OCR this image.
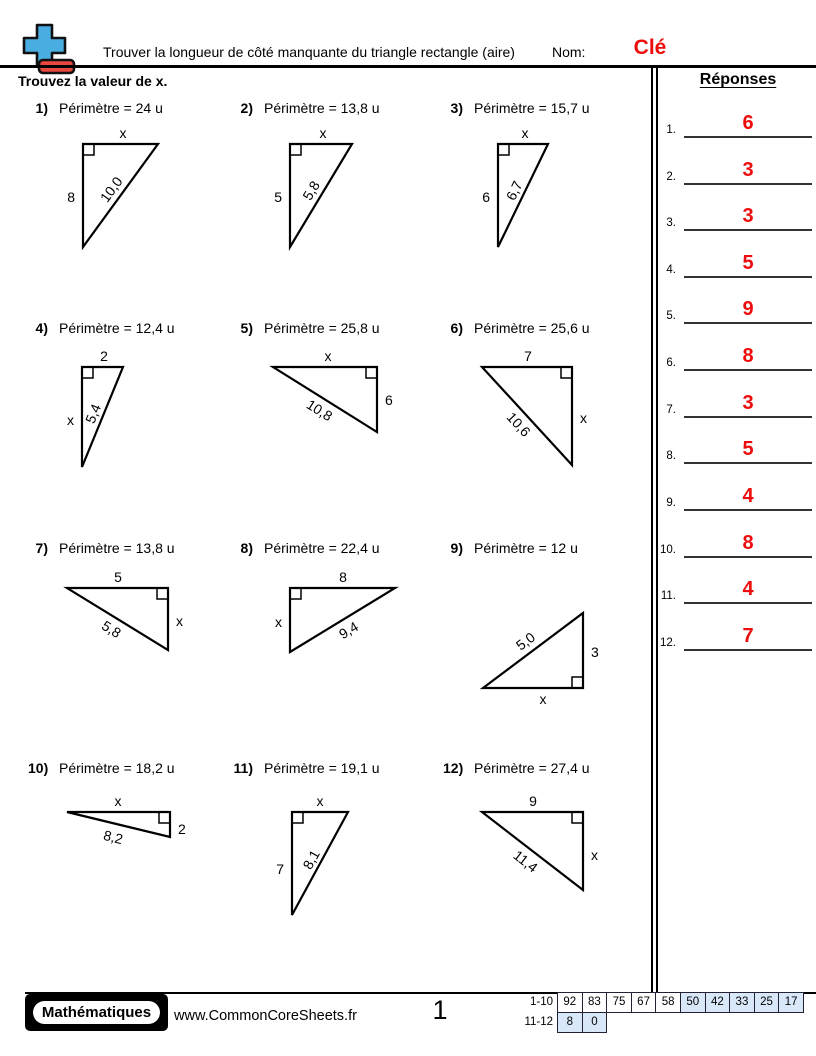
Trouver la longueur de côté manquante du triangle rectangle (aire)	Nom:	Clé
Trouvez la valeur de x.	Réponses
1.	6
2.	3
3.	3
4.	5
5.	9
6.	8
7.	3
8.	5
9.	4
10.	8
11.	4
12.	7
1) Périmètre = 24 u
x
8 10,0
2) Périmètre = 13,8 u
x
5 5,8
3) Périmètre = 15,7 u
x
6 6,7
4) Périmètre = 12,4 u
2
x 5,4
5) Périmètre = 25,8 u
x
6
10,8
6) Périmètre = 25,6 u
7
x
10,6
7) Périmètre = 13,8 u
5
x
5,8
8) Périmètre = 22,4 u
8
x	9,4
9) Périmètre = 12 u
x
3
5,0
10) Périmètre = 18,2 u
x
2
8,2
11) Périmètre = 19,1 u
x
7 8,1
12) Périmètre = 27,4 u
9
x
11,4
Mathématiques	www.CommonCoreSheets.fr	1	1-10 92	83	75	67	58	50	42	33	25	17
11-12	8	0
